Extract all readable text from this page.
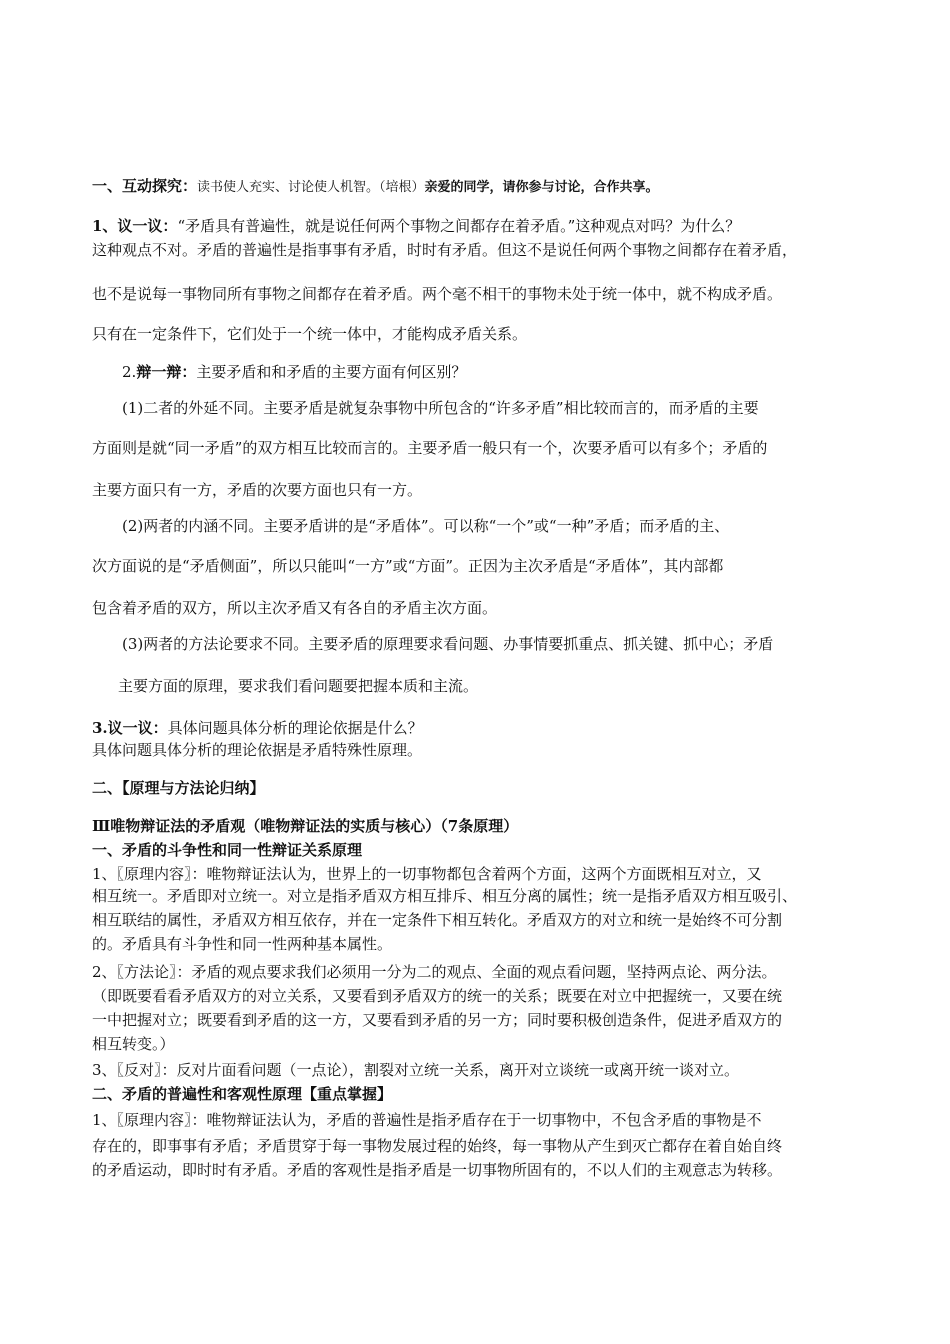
一、互动探究：读书使人充实、讨论使人机智。（培根）亲爱的同学，请你参与讨论，合作共享。
1、议一议：“矛盾具有普遍性，就是说任何两个事物之间都存在着矛盾。”这种观点对吗？为什么？
这种观点不对。矛盾的普遍性是指事事有矛盾，时时有矛盾。但这不是说任何两个事物之间都存在着矛盾，
也不是说每一事物同所有事物之间都存在着矛盾。两个毫不相干的事物未处于统一体中，就不构成矛盾。
只有在一定条件下，它们处于一个统一体中，才能构成矛盾关系。
2.辩一辩：主要矛盾和和矛盾的主要方面有何区别？
(1)二者的外延不同。主要矛盾是就复杂事物中所包含的“许多矛盾”相比较而言的，而矛盾的主要
方面则是就“同一矛盾”的双方相互比较而言的。主要矛盾一般只有一个，次要矛盾可以有多个；矛盾的
主要方面只有一方，矛盾的次要方面也只有一方。
(2)两者的内涵不同。主要矛盾讲的是“矛盾体”。可以称“一个”或“一种”矛盾；而矛盾的主、
次方面说的是“矛盾侧面”，所以只能叫“一方”或“方面”。正因为主次矛盾是“矛盾体”，其内部都
包含着矛盾的双方，所以主次矛盾又有各自的矛盾主次方面。
(3)两者的方法论要求不同。主要矛盾的原理要求看问题、办事情要抓重点、抓关键、抓中心；矛盾
主要方面的原理，要求我们看问题要把握本质和主流。
3.议一议：具体问题具体分析的理论依据是什么？
具体问题具体分析的理论依据是矛盾特殊性原理。
二、【原理与方法论归纳】
Ⅲ唯物辩证法的矛盾观（唯物辩证法的实质与核心）（7条原理）
一、矛盾的斗争性和同一性辩证关系原理
1、〖原理内容〗：唯物辩证法认为，世界上的一切事物都包含着两个方面，这两个方面既相互对立，又
相互统一。矛盾即对立统一。对立是指矛盾双方相互排斥、相互分离的属性；统一是指矛盾双方相互吸引、
相互联结的属性，矛盾双方相互依存，并在一定条件下相互转化。矛盾双方的对立和统一是始终不可分割
的。矛盾具有斗争性和同一性两种基本属性。
2、〖方法论〗：矛盾的观点要求我们必须用一分为二的观点、全面的观点看问题，坚持两点论、两分法。
（即既要看看矛盾双方的对立关系，又要看到矛盾双方的统一的关系；既要在对立中把握统一，又要在统
一中把握对立；既要看到矛盾的这一方，又要看到矛盾的另一方；同时要积极创造条件，促进矛盾双方的
相互转变。）
3、〖反对〗：反对片面看问题（一点论），割裂对立统一关系，离开对立谈统一或离开统一谈对立。
二、矛盾的普遍性和客观性原理【重点掌握】
1、〖原理内容〗：唯物辩证法认为，矛盾的普遍性是指矛盾存在于一切事物中，不包含矛盾的事物是不
存在的，即事事有矛盾；矛盾贯穿于每一事物发展过程的始终，每一事物从产生到灭亡都存在着自始自终
的矛盾运动，即时时有矛盾。矛盾的客观性是指矛盾是一切事物所固有的，不以人们的主观意志为转移。
